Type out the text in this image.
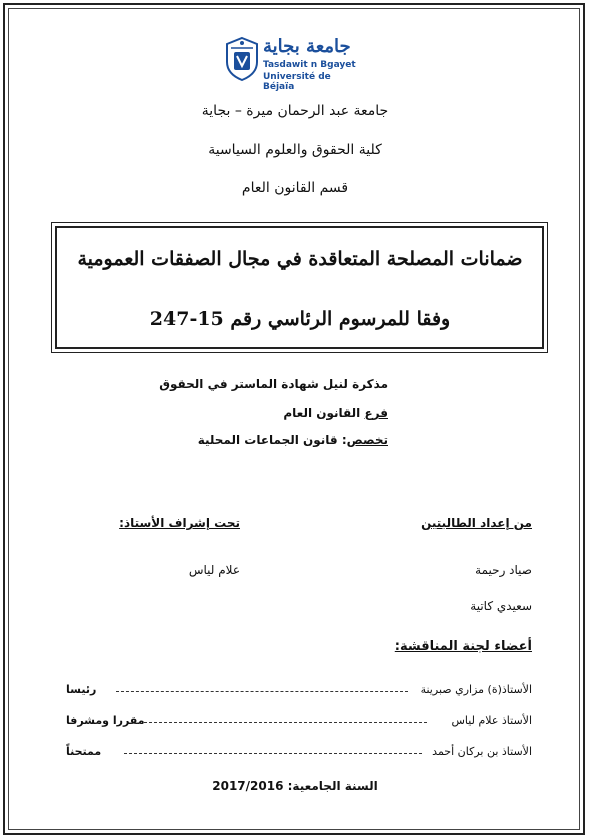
جامعة بجاية
Tasdawit n Bgayet
Université de Béjaïa
جامعة عبد الرحمان ميرة – بجاية
كلية الحقوق والعلوم السياسية
قسم القانون العام
ضمانات المصلحة المتعاقدة في مجال الصفقات العمومية
وفقا للمرسوم الرئاسي رقم 15-247
مذكرة لنيل شهادة الماستر في الحقوق
فرع القانون العام
تخصص: قانون الجماعات المحلية
من إعداد الطالبتين
تحت إشراف الأستاذ:
صياد رحيمة
سعيدي كاتية
علام لياس
أعضاء لجنة المناقشة:
الأستاذ(ة) مزاري صبرينة
رئيسا
الأستاذ علام لياس
مقررا ومشرفا
الأستاذ بن بركان أحمد
ممتحناً
السنة الجامعية: 2017/2016
